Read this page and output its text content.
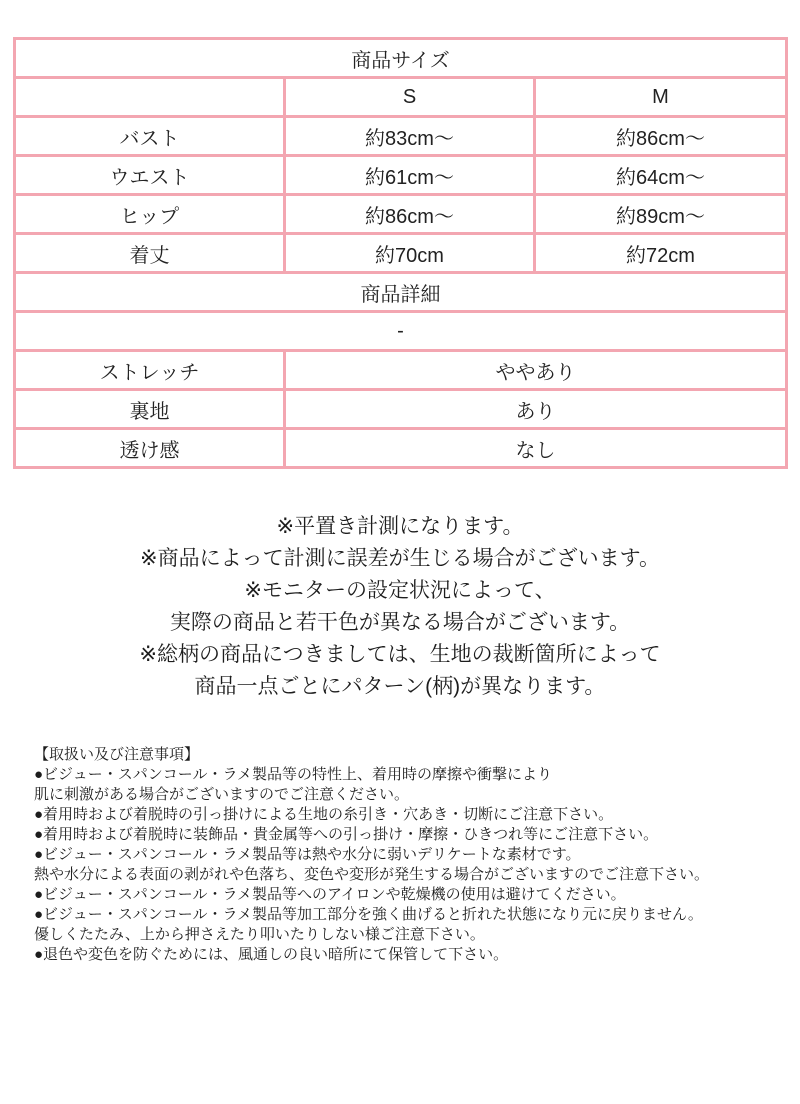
商品サイズ		
	S	M
バスト	約83cm〜	約86cm〜
ウエスト	約61cm〜	約64cm〜
ヒップ	約86cm〜	約89cm〜
着丈	約70cm	約72cm
商品詳細		
-		
ストレッチ	ややあり	
裏地	あり	
透け感	なし	
※平置き計測になります。
※商品によって計測に誤差が生じる場合がございます。
※モニターの設定状況によって、
実際の商品と若干色が異なる場合がございます。
※総柄の商品につきましては、生地の裁断箇所によって
商品一点ごとにパターン(柄)が異なります。
【取扱い及び注意事項】
●ビジュー・スパンコール・ラメ製品等の特性上、着用時の摩擦や衝撃により
肌に刺激がある場合がございますのでご注意ください。
●着用時および着脱時の引っ掛けによる生地の糸引き・穴あき・切断にご注意下さい。
●着用時および着脱時に装飾品・貴金属等への引っ掛け・摩擦・ひきつれ等にご注意下さい。
●ビジュー・スパンコール・ラメ製品等は熱や水分に弱いデリケートな素材です。
熱や水分による表面の剥がれや色落ち、変色や変形が発生する場合がございますのでご注意下さい。
●ビジュー・スパンコール・ラメ製品等へのアイロンや乾燥機の使用は避けてください。
●ビジュー・スパンコール・ラメ製品等加工部分を強く曲げると折れた状態になり元に戻りません。
優しくたたみ、上から押さえたり叩いたりしない様ご注意下さい。
●退色や変色を防ぐためには、風通しの良い暗所にて保管して下さい。
